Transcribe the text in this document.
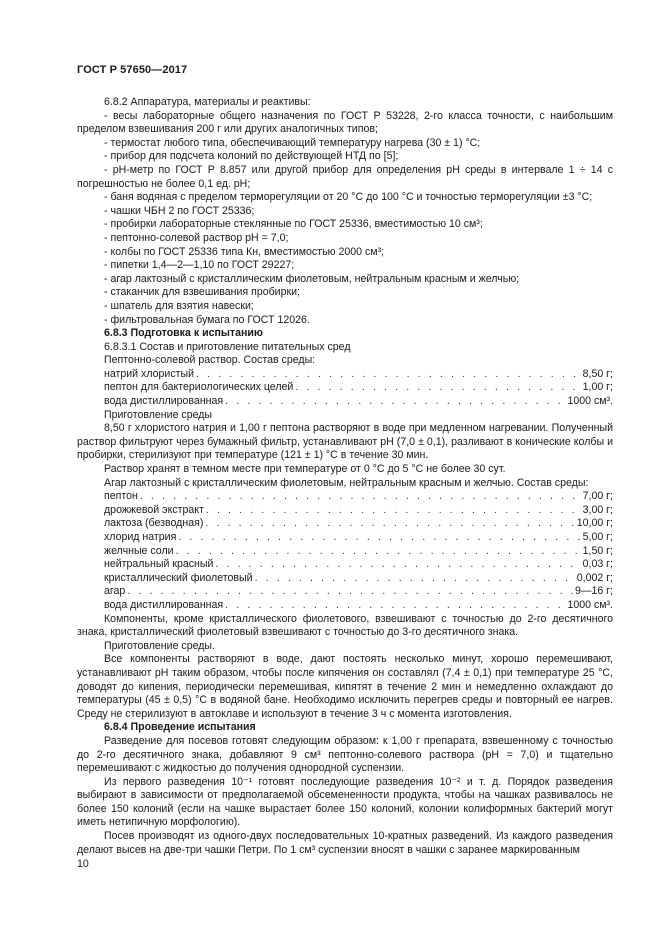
ГОСТ Р 57650—2017

6.8.2 Аппаратура, материалы и реактивы:

- весы лабораторные общего назначения по ГОСТ Р 53228, 2-го класса точности, с наибольшим пределом взвешивания 200 г или других аналогичных типов;

- термостат любого типа, обеспечивающий температуру нагрева (30 ± 1) °С;

- прибор для подсчета колоний по действующей НТД по [5];

- рН-метр по ГОСТ Р 8.857 или другой прибор для определения рН среды в интервале 1 ÷ 14 с погрешностью не более 0,1 ед. рН;

- баня водяная с пределом терморегуляции от 20 °С до 100 °С и точностью терморегуляции ±3 °С;

- чашки ЧБН 2 по ГОСТ 25336;

- пробирки лабораторные стеклянные по ГОСТ 25336, вместимостью 10 см³;

- пептонно-солевой раствор рН = 7,0;

- колбы по ГОСТ 25336 типа Кн, вместимостью 2000 см³;

- пипетки 1,4—2—1,10 по ГОСТ 29227;

- агар лактозный с кристаллическим фиолетовым, нейтральным красным и желчью;

- стаканчик для взвешивания пробирки;

- шпатель для взятия навески;

- фильтровальная бумага по ГОСТ 12026.

6.8.3 Подготовка к испытанию

6.8.3.1 Состав и приготовление питательных сред

Пептонно-солевой раствор. Состав среды:

натрий хлористый . . .	8,50 г;
пептон для бактериологических целей . . .	1,00 г;
вода дистиллированная . . .	1000 см³.

Приготовление среды

8,50 г хлористого натрия и 1,00 г пептона растворяют в воде при медленном нагревании. Полученный раствор фильтруют через бумажный фильтр, устанавливают рН (7,0 ± 0,1), разливают в конические колбы и пробирки, стерилизуют при температуре (121 ± 1) °С в течение 30 мин.

Раствор хранят в темном месте при температуре от 0 °С до 5 °С не более 30 сут.

Агар лактозный с кристаллическим фиолетовым, нейтральным красным и желчью. Состав среды:

пептон . . .	7,00 г;
дрожжевой экстракт . . .	3,00 г;
лактоза (безводная) . . .	10,00 г;
хлорид натрия . . .	5,00 г;
желчные соли . . .	1,50 г;
нейтральный красный . . .	0,03 г;
кристаллический фиолетовый . . .	0,002 г;
агар . . .	9—16 г;
вода дистиллированная . . .	1000 см³.

Компоненты, кроме кристаллического фиолетового, взвешивают с точностью до 2-го десятичного знака, кристаллический фиолетовый взвешивают с точностью до 3-го десятичного знака.

Приготовление среды.

Все компоненты растворяют в воде, дают постоять несколько минут, хорошо перемешивают, устанавливают рН таким образом, чтобы после кипячения он составлял (7,4 ± 0,1) при температуре 25 °С, доводят до кипения, периодически перемешивая, кипятят в течение 2 мин и немедленно охлаждают до температуры (45 ± 0,5) °С в водяной бане. Необходимо исключить перегрев среды и повторный ее нагрев. Среду не стерилизуют в автоклаве и используют в течение 3 ч с момента изготовления.

6.8.4 Проведение испытания

Разведение для посевов готовят следующим образом: к 1,00 г препарата, взвешенному с точностью до 2-го десятичного знака, добавляют 9 см³ пептонно-солевого раствора (рН = 7,0) и тщательно перемешивают с жидкостью до получения однородной суспензии.

Из первого разведения 10⁻¹ готовят последующие разведения 10⁻² и т. д. Порядок разведения выбирают в зависимости от предполагаемой обсемененности продукта, чтобы на чашках развивалось не более 150 колоний (если на чашке вырастает более 150 колоний, колонии колиформных бактерий могут иметь нетипичную морфологию).

Посев производят из одного-двух последовательных 10-кратных разведений. Из каждого разведения делают высев на две-три чашки Петри. По 1 см³ суспензии вносят в чашки с заранее маркированным

10
